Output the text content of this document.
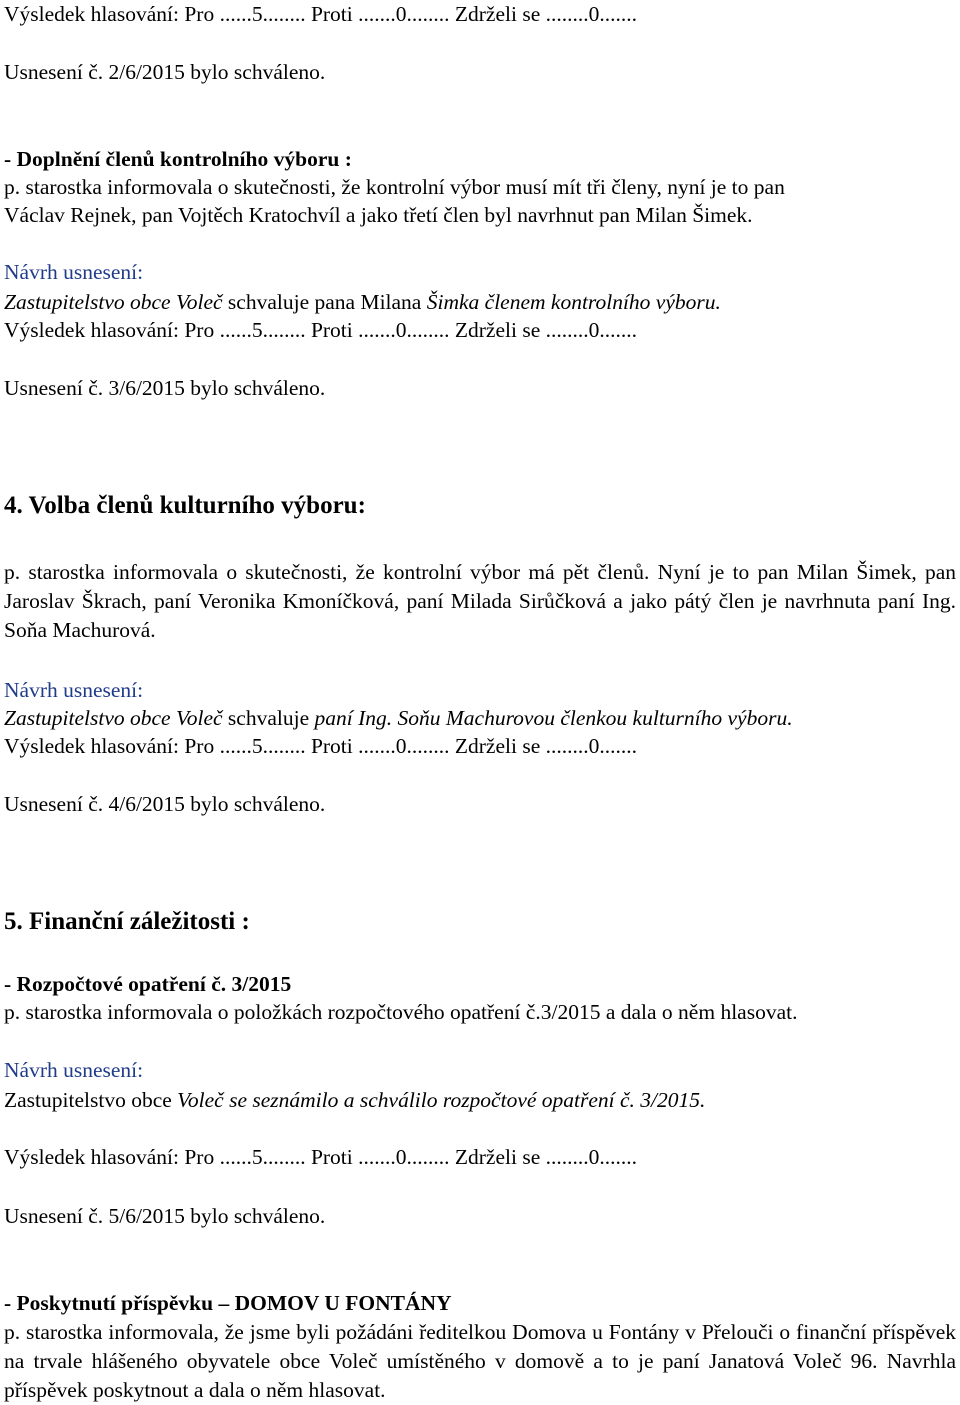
Výsledek hlasování: Pro ......5........ Proti .......0........ Zdrželi se ........0.......
Usnesení č. 2/6/2015 bylo schváleno.
- Doplnění členů kontrolního výboru :
p. starostka informovala o skutečnosti, že kontrolní výbor musí mít tři členy, nyní je to pan
Václav Rejnek, pan Vojtěch Kratochvíl a jako třetí člen byl navrhnut pan Milan Šimek.
Návrh usnesení:
Zastupitelstvo obce Voleč schvaluje pana Milana Šimka členem kontrolního výboru.
Výsledek hlasování: Pro ......5........ Proti .......0........ Zdrželi se ........0.......
Usnesení č. 3/6/2015 bylo schváleno.
4. Volba členů kulturního výboru:
p. starostka informovala o skutečnosti, že kontrolní výbor má pět členů. Nyní je to pan Milan Šimek, pan Jaroslav Škrach, paní Veronika Kmoníčková, paní Milada Sirůčková a jako pátý člen je navrhnuta paní Ing. Soňa Machurová.
Návrh usnesení:
Zastupitelstvo obce Voleč schvaluje paní Ing. Soňu Machurovou členkou kulturního výboru.
Výsledek hlasování: Pro ......5........ Proti .......0........ Zdrželi se ........0.......
Usnesení č. 4/6/2015 bylo schváleno.
5. Finanční záležitosti :
- Rozpočtové opatření č. 3/2015
p. starostka informovala o položkách rozpočtového opatření č.3/2015 a dala o něm hlasovat.
Návrh usnesení:
Zastupitelstvo obce Voleč se seznámilo a schválilo rozpočtové opatření č. 3/2015.
Výsledek hlasování: Pro ......5........ Proti .......0........ Zdrželi se ........0.......
Usnesení č. 5/6/2015 bylo schváleno.
- Poskytnutí příspěvku – DOMOV U FONTÁNY
p. starostka informovala, že jsme byli požádáni ředitelkou Domova u Fontány v Přelouči o finanční příspěvek na trvale hlášeného obyvatele obce Voleč umístěného v domově a to je paní Janatová Voleč 96. Navrhla příspěvek poskytnout a dala o něm hlasovat.
